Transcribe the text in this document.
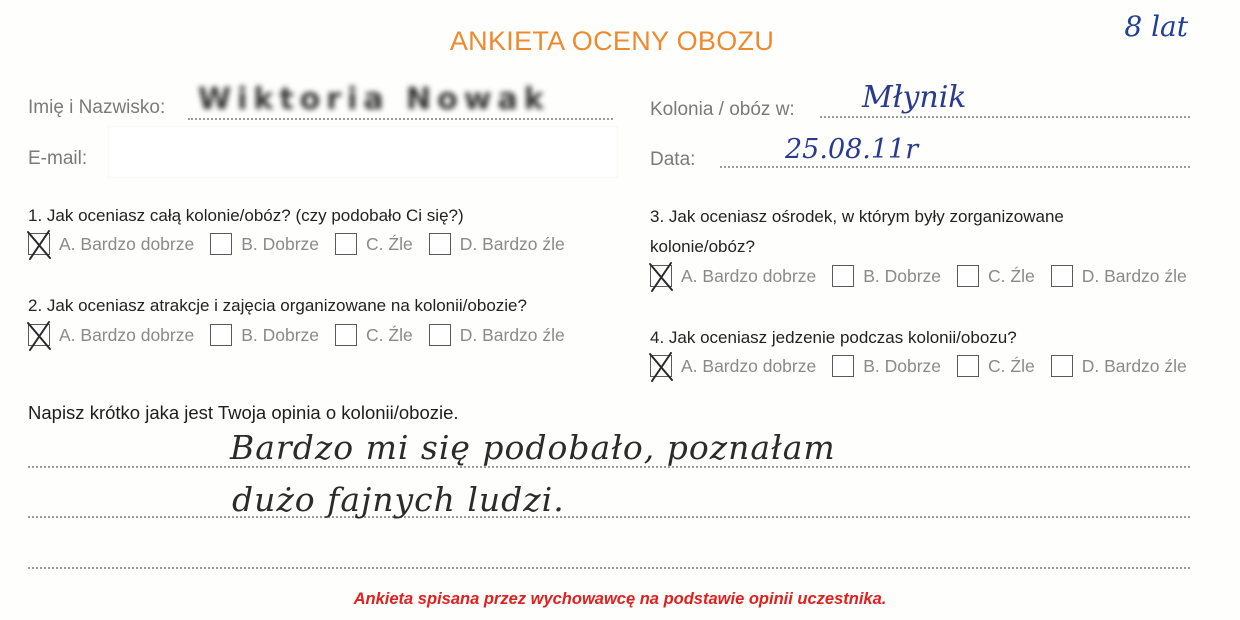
ANKIETA OCENY OBOZU	8 lat
Imię i Nazwisko: Wiktoria Nowak
E-mail:
Kolonia / obóz w: Młynik
Data:	25.08.11r
1. Jak oceniasz całą kolonie/obóz? (czy podobało Ci się?)
A. Bardzo dobrze	B. Dobrze	C. Źle	D. Bardzo źle
2. Jak oceniasz atrakcje i zajęcia organizowane na kolonii/obozie?
A. Bardzo dobrze	B. Dobrze	C. Źle	D. Bardzo źle
3. Jak oceniasz ośrodek, w którym były zorganizowane
kolonie/obóz?
A. Bardzo dobrze	B. Dobrze	C. Źle	D. Bardzo źle
4. Jak oceniasz jedzenie podczas kolonii/obozu?
A. Bardzo dobrze	B. Dobrze	C. Źle	D. Bardzo źle
Napisz krótko jaka jest Twoja opinia o kolonii/obozie.
Bardzo mi się podobało, poznałam
dużo fajnych ludzi.
Ankieta spisana przez wychowawcę na podstawie opinii uczestnika.
